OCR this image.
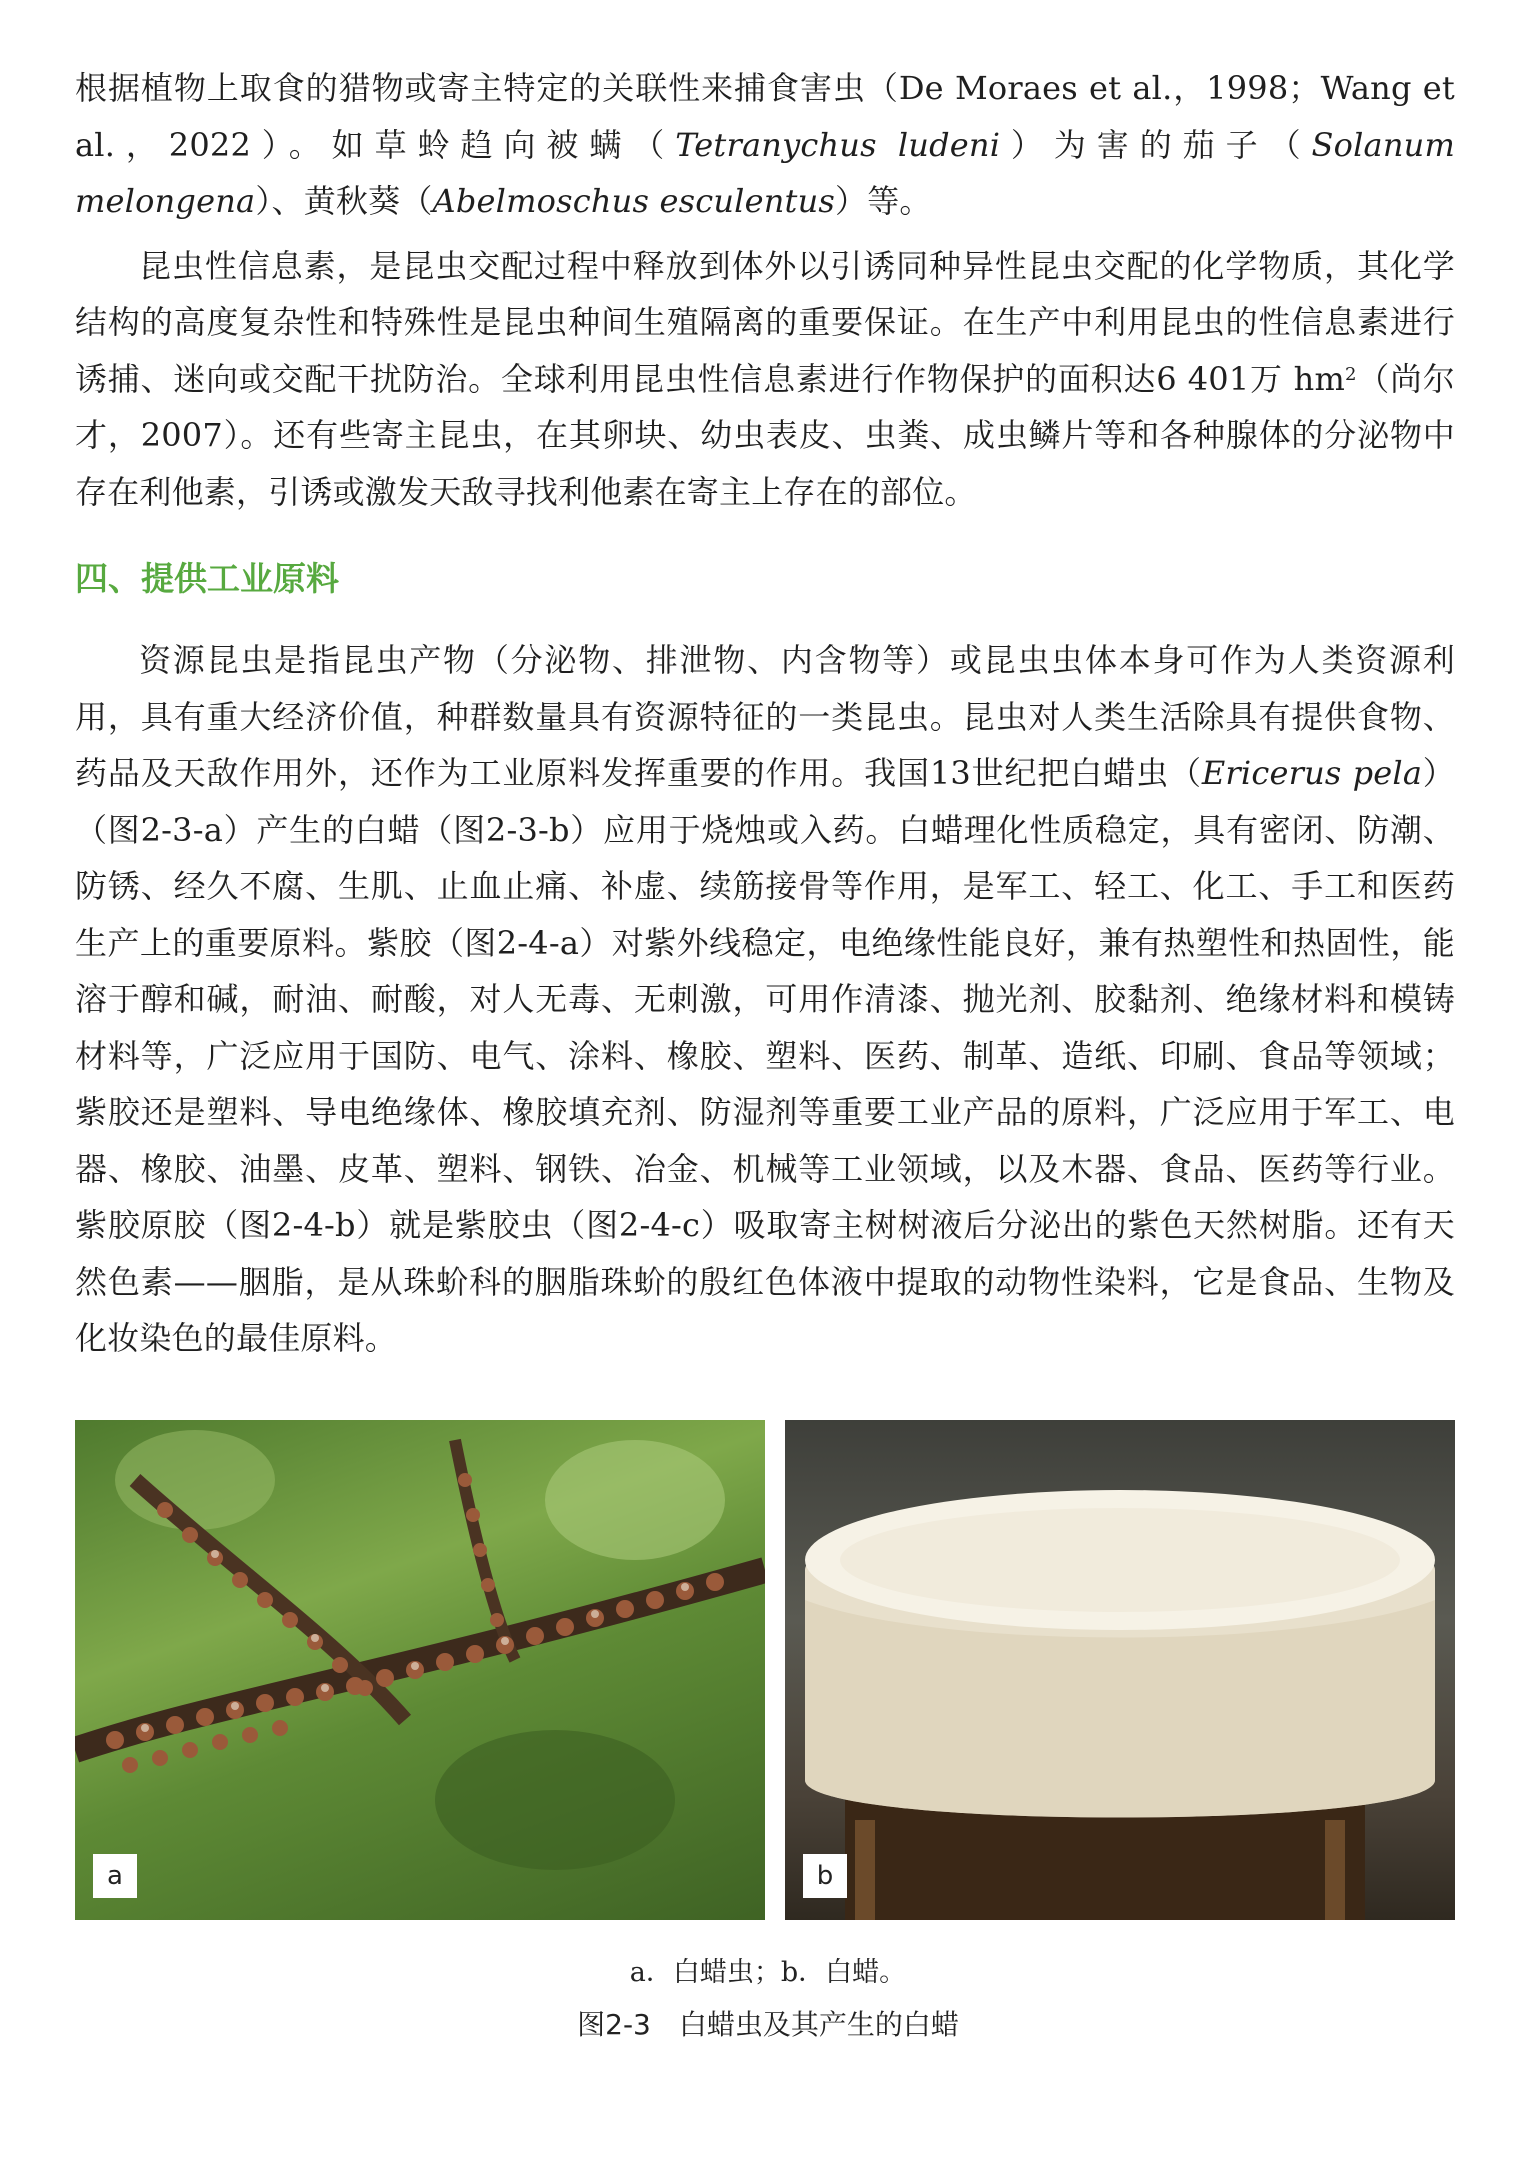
根据植物上取食的猎物或寄主特定的关联性来捕食害虫（De Moraes et al.，1998；Wang et al.，2022）。如草蛉趋向被螨（Tetranychus ludeni）为害的茄子（Solanum melongena）、黄秋葵（Abelmoschus esculentus）等。

昆虫性信息素，是昆虫交配过程中释放到体外以引诱同种异性昆虫交配的化学物质，其化学结构的高度复杂性和特殊性是昆虫种间生殖隔离的重要保证。在生产中利用昆虫的性信息素进行诱捕、迷向或交配干扰防治。全球利用昆虫性信息素进行作物保护的面积达6 401万 $hm^2$（尚尔才，2007）。还有些寄主昆虫，在其卵块、幼虫表皮、虫粪、成虫鳞片等和各种腺体的分泌物中存在利他素，引诱或激发天敌寻找利他素在寄主上存在的部位。

四、提供工业原料

资源昆虫是指昆虫产物（分泌物、排泄物、内含物等）或昆虫虫体本身可作为人类资源利用，具有重大经济价值，种群数量具有资源特征的一类昆虫。昆虫对人类生活除具有提供食物、药品及天敌作用外，还作为工业原料发挥重要的作用。我国13世纪把白蜡虫（Ericerus pela）（图2-3-a）产生的白蜡（图2-3-b）应用于烧烛或入药。白蜡理化性质稳定，具有密闭、防潮、防锈、经久不腐、生肌、止血止痛、补虚、续筋接骨等作用，是军工、轻工、化工、手工和医药生产上的重要原料。紫胶（图2-4-a）对紫外线稳定，电绝缘性能良好，兼有热塑性和热固性，能溶于醇和碱，耐油、耐酸，对人无毒、无刺激，可用作清漆、抛光剂、胶黏剂、绝缘材料和模铸材料等，广泛应用于国防、电气、涂料、橡胶、塑料、医药、制革、造纸、印刷、食品等领域；紫胶还是塑料、导电绝缘体、橡胶填充剂、防湿剂等重要工业产品的原料，广泛应用于军工、电器、橡胶、油墨、皮革、塑料、钢铁、冶金、机械等工业领域，以及木器、食品、医药等行业。紫胶原胶（图2-4-b）就是紫胶虫（图2-4-c）吸取寄主树树液后分泌出的紫色天然树脂。还有天然色素——胭脂，是从珠蚧科的胭脂珠蚧的殷红色体液中提取的动物性染料，它是食品、生物及化妆染色的最佳原料。

a	b
a．白蜡虫；b．白蜡。
图2-3 白蜡虫及其产生的白蜡
